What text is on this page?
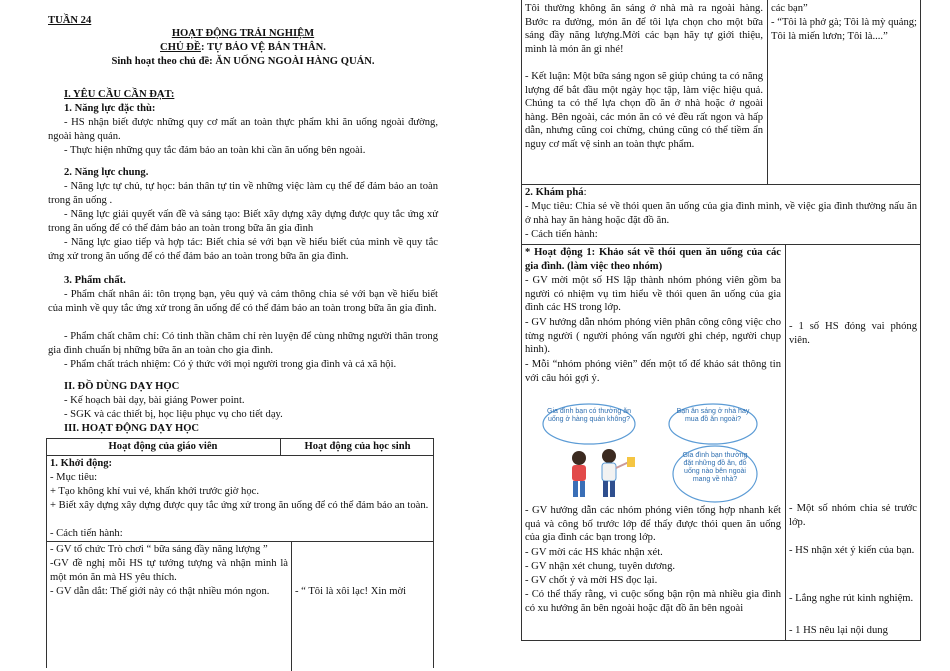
TUẦN 24
HOẠT ĐỘNG TRẢI NGHIỆM
CHỦ ĐỀ: TỰ BẢO VỆ BẢN THÂN.
Sinh hoạt theo chủ đề: ĂN UỐNG NGOÀI HÀNG QUÁN.
I. YÊU CẦU CẦN ĐẠT:
1. Năng lực đặc thù:
- HS nhận biết được những quy cơ mất an toàn thực phẩm khi ăn uống ngoài đường, ngoài hàng quán.
- Thực hiện những quy tắc đảm bảo an toàn khi cần ăn uống bên ngoài.
2. Năng lực chung.
- Năng lực tự chủ, tự học: bản thân tự tin về những việc làm cụ thể để đảm bảo an toàn trong ăn uống .
- Năng lực giải quyết vấn đề và sáng tạo: Biết xây dựng xây dựng được quy tắc ứng xử trong ăn uống để có thể đảm bảo an toàn trong bữa ăn gia đình
- Năng lực giao tiếp và hợp tác: Biết chia sẻ với bạn về hiểu biết của mình về quy tắc ứng xử trong ăn uống để có thể đảm bảo an toàn trong bữa ăn gia đình.
3. Phẩm chất.
- Phẩm chất nhân ái: tôn trọng bạn, yêu quý và cảm thông chia sẻ với bạn về hiểu biết của mình về quy tắc ứng xử trong ăn uống để có thể đảm bảo an toàn trong bữa ăn gia đình.
- Phẩm chất chăm chỉ: Có tinh thần chăm chỉ rèn luyện để cùng những người thân trong gia đình chuẩn bị những bữa ăn an toàn cho gia đình.
- Phẩm chất trách nhiệm: Có ý thức với mọi người trong gia đình và cả xã hội.
II. ĐỒ DÙNG DẠY HỌC
- Kế hoạch bài dạy, bài giảng Power point.
- SGK và các thiết bị, học liệu phục vụ cho tiết dạy.
III. HOẠT ĐỘNG DẠY HỌC
Hoạt động của giáo viên	Hoạt động của học sinh
1. Khởi động:
- Mục tiêu:
+ Tạo không khí vui vẻ, khấn khởi trước giờ học.
+ Biết xây dựng xây dựng được quy tắc ứng xử trong ăn uống để có thể đảm bảo an toàn.
- Cách tiến hành:
- GV tổ chức Trò chơi “ bữa sáng đầy năng lượng ”
-GV đề nghị mỗi HS tự tưởng tượng và nhận mình là một món ăn mà HS yêu thích.
- GV dẫn dắt: Thế giới này có thật nhiều món ngon. - “ Tôi là xôi lạc! Xin mời
Tôi thường không ăn sáng ở nhà mà ra ngoài hàng. Bước ra đường, món ăn để tôi lựa chọn cho một bữa sáng đầy năng lượng.Mời các bạn hãy tự giới thiệu, mình là món ăn gì nhé!
- Kết luận: Một bữa sáng ngon sẽ giúp chúng ta có năng lượng để bắt đầu một ngày học tập, làm việc hiệu quả. Chúng ta có thể lựa chọn đồ ăn ở nhà hoặc ở ngoài hàng. Bên ngoài, các món ăn có vẻ đều rất ngon và hấp dẫn, nhưng cũng coi chừng, chúng cũng có thể tiềm ẩn nguy cơ mất vệ sinh an toàn thực phẩm.
các bạn”
- “Tôi là phở gà; Tôi là mỳ quảng; Tôi là miến lươn; Tôi là....”
2. Khám phá:
- Mục tiêu: Chia sẻ về thói quen ăn uống của gia đình mình, về việc gia đình thường nấu ăn ở nhà hay ăn hàng hoặc đặt đồ ăn.
- Cách tiến hành:
* Hoạt động 1: Khảo sát về thói quen ăn uống của các gia đình. (làm việc theo nhóm)
- GV mời một số HS lập thành nhóm phóng viên gồm ba người có nhiệm vụ tìm hiểu về thói quen ăn uống của gia đình các HS trong lớp.
- GV hướng dẫn nhóm phóng viên phân công công việc cho từng người ( người phỏng vấn người ghi chép, người chụp hình).
- Mỗi “nhóm phóng viên” đến một tổ để khảo sát thông tin với câu hỏi gợi ý.
- 1 số HS đóng vai phóng viên.
Gia đình bạn có thường ăn uống ở hàng quán không?
Bạn ăn sáng ở nhà hay mua đồ ăn ngoài?
Gia đình bạn thường đặt những đồ ăn, đồ uống nào bên ngoài mang về nhà?
- GV hướng dẫn các nhóm phóng viên tổng hợp nhanh kết quả và công bố trước lớp để thấy được thói quen ăn uống của gia đình các bạn trong lớp.
- GV mời các HS khác nhận xét.
- GV nhận xét chung, tuyên dương.
- GV chốt ý và mời HS đọc lại.
- Có thể thấy rằng, vì cuộc sống bận rộn mà nhiều gia đình có xu hướng ăn bên ngoài hoặc đặt đồ ăn bên ngoài
- Một số nhóm chia sẻ trước lớp.
- HS nhận xét ý kiến của bạn.
- Lắng nghe rút kinh nghiệm.
- 1 HS nêu lại nội dung
